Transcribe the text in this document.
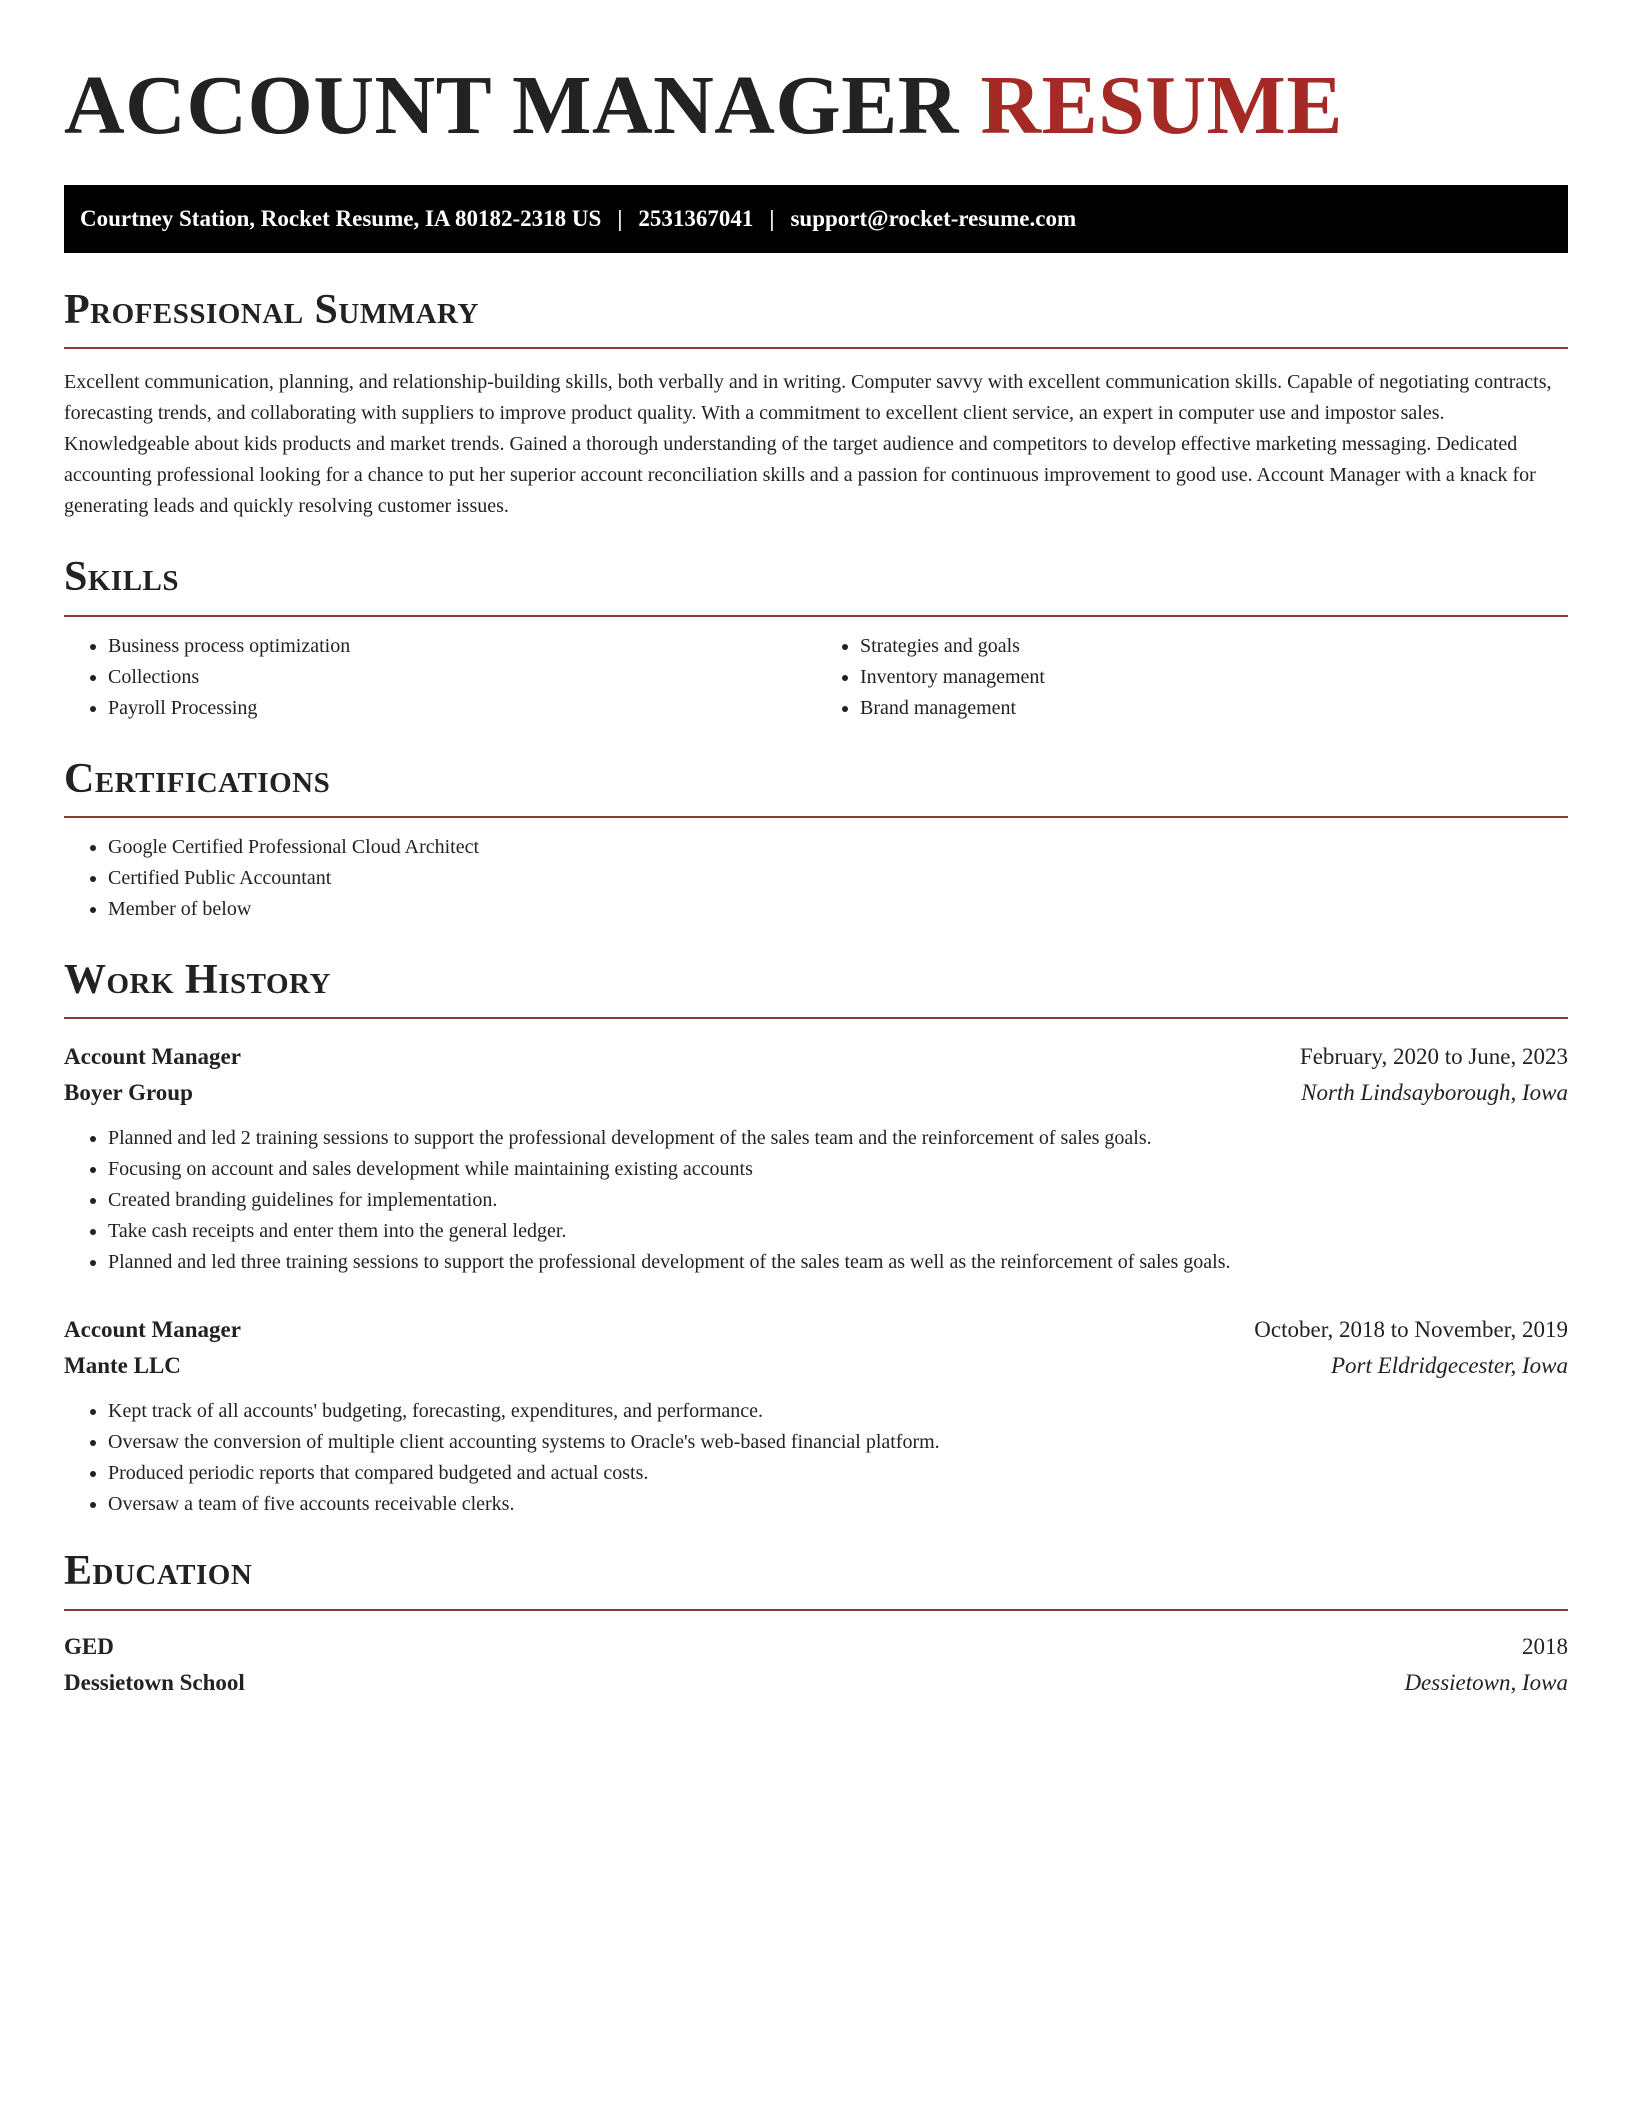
ACCOUNT MANAGER RESUME
Courtney Station, Rocket Resume, IA 80182-2318 US | 2531367041 | support@rocket-resume.com
Professional Summary

Excellent communication, planning, and relationship-building skills, both verbally and in writing. Computer savvy with excellent communication skills. Capable of negotiating contracts, forecasting trends, and collaborating with suppliers to improve product quality. With a commitment to excellent client service, an expert in computer use and impostor sales. Knowledgeable about kids products and market trends. Gained a thorough understanding of the target audience and competitors to develop effective marketing messaging. Dedicated accounting professional looking for a chance to put her superior account reconciliation skills and a passion for continuous improvement to good use. Account Manager with a knack for generating leads and quickly resolving customer issues.

Skills
• Business process optimization
• Collections
• Payroll Processing
• Strategies and goals
• Inventory management
• Brand management
Certifications
• Google Certified Professional Cloud Architect
• Certified Public Accountant
• Member of below
Work History
Account Manager	February, 2020 to June, 2023
Boyer Group	North Lindsayborough, Iowa
• Planned and led 2 training sessions to support the professional development of the sales team and the reinforcement of sales goals.
• Focusing on account and sales development while maintaining existing accounts
• Created branding guidelines for implementation.
• Take cash receipts and enter them into the general ledger.
• Planned and led three training sessions to support the professional development of the sales team as well as the reinforcement of sales goals.
Account Manager	October, 2018 to November, 2019
Mante LLC	Port Eldridgecester, Iowa
• Kept track of all accounts' budgeting, forecasting, expenditures, and performance.
• Oversaw the conversion of multiple client accounting systems to Oracle's web-based financial platform.
• Produced periodic reports that compared budgeted and actual costs.
• Oversaw a team of five accounts receivable clerks.
Education
GED	2018
Dessietown School	Dessietown, Iowa
